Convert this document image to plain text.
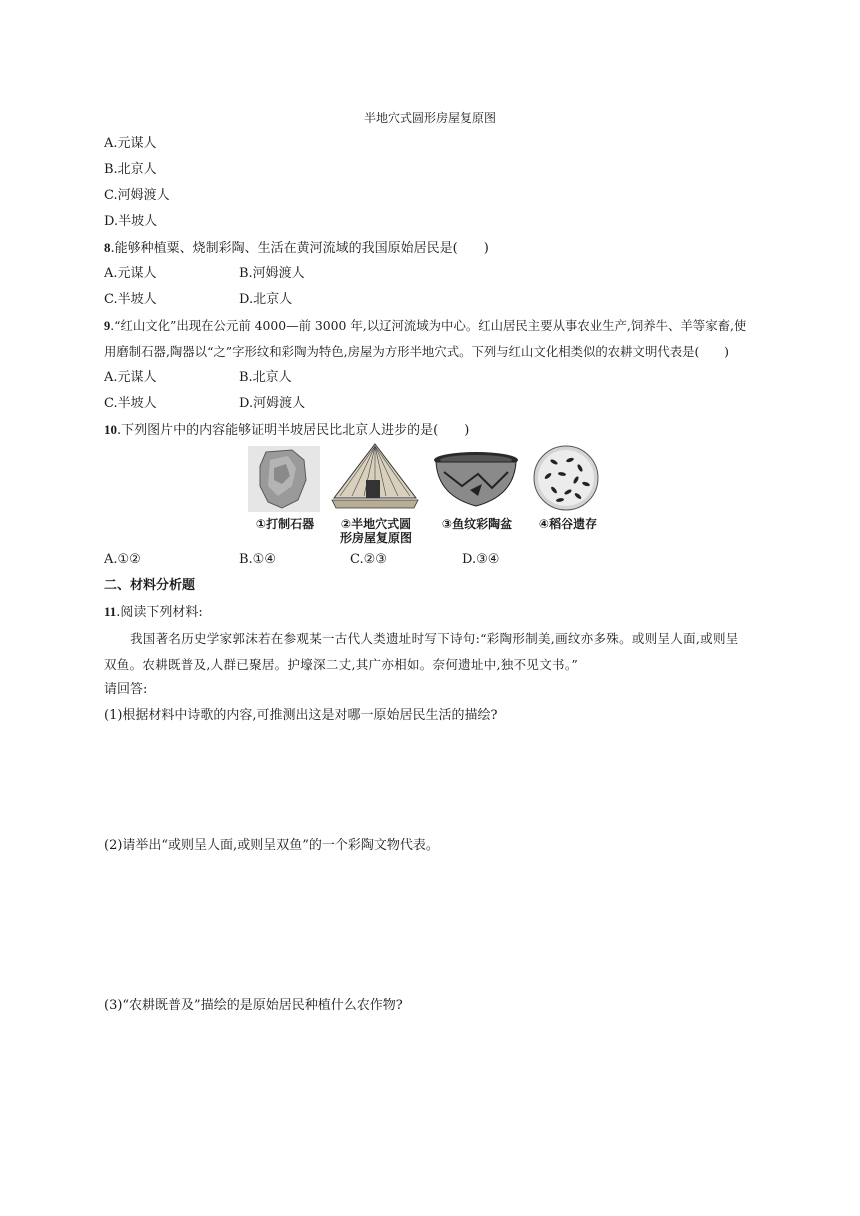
半地穴式圆形房屋复原图
A.元谋人
B.北京人
C.河姆渡人
D.半坡人
8.能够种植粟、烧制彩陶、生活在黄河流域的我国原始居民是(　　)
A.元谋人	B.河姆渡人
C.半坡人	D.北京人
9.“红山文化”出现在公元前 4000—前 3000 年,以辽河流域为中心。红山居民主要从事农业生产,饲养牛、羊等家畜,使
用磨制石器,陶器以“之”字形纹和彩陶为特色,房屋为方形半地穴式。下列与红山文化相类似的农耕文明代表是(　　)
A.元谋人	B.北京人
C.半坡人	D.河姆渡人
10.下列图片中的内容能够证明半坡居民比北京人进步的是(　　)
①打制石器	②半地穴式圆
形房屋复原图
③鱼纹彩陶盆	④稻谷遗存
A.①②	B.①④	C.②③	D.③④
二、材料分析题
11.阅读下列材料:
我国著名历史学家郭沫若在参观某一古代人类遗址时写下诗句:“彩陶形制美,画纹亦多殊。或则呈人面,或则呈
双鱼。农耕既普及,人群已聚居。护壕深二丈,其广亦相如。奈何遗址中,独不见文书。”
请回答:
(1)根据材料中诗歌的内容,可推测出这是对哪一原始居民生活的描绘?
(2)请举出“或则呈人面,或则呈双鱼”的一个彩陶文物代表。
(3)“农耕既普及”描绘的是原始居民种植什么农作物?
